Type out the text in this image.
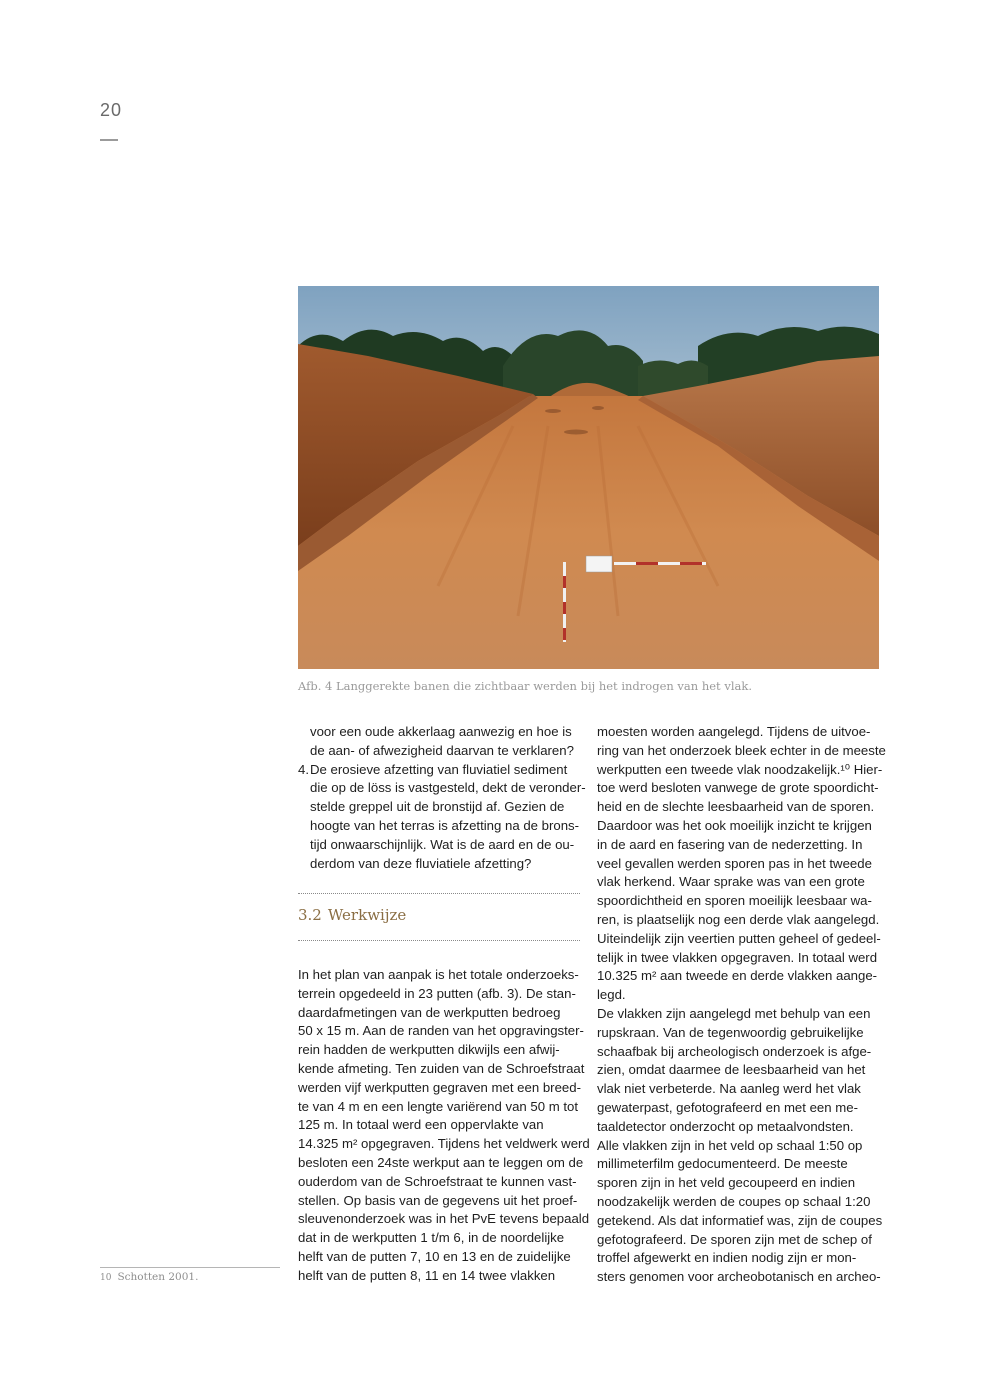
20
Afb. 4 Langgerekte banen die zichtbaar werden bij het indrogen van het vlak.

voor een oude akkerlaag aanwezig en hoe is

de aan- of afwezigheid daarvan te verklaren?

4. De erosieve afzetting van fluviatiel sediment

die op de löss is vastgesteld, dekt de veronder-

stelde greppel uit de bronstijd af. Gezien de

hoogte van het terras is afzetting na de brons-

tijd onwaarschijnlijk. Wat is de aard en de ou-

derdom van deze fluviatiele afzetting?

3.2 Werkwijze

In het plan van aanpak is het totale onderzoeks-

terrein opgedeeld in 23 putten (afb. 3). De stan-

daardafmetingen van de werkputten bedroeg

50 x 15 m. Aan de randen van het opgravingster-

rein hadden de werkputten dikwijls een afwij-

kende afmeting. Ten zuiden van de Schroefstraat

werden vijf werkputten gegraven met een breed-

te van 4 m en een lengte variërend van 50 m tot

125 m. In totaal werd een oppervlakte van

14.325 m² opgegraven. Tijdens het veldwerk werd

besloten een 24ste werkput aan te leggen om de

ouderdom van de Schroefstraat te kunnen vast-

stellen. Op basis van de gegevens uit het proef-

sleuvenonderzoek was in het PvE tevens bepaald

dat in de werkputten 1 t/m 6, in de noordelijke

helft van de putten 7, 10 en 13 en de zuidelijke

helft van de putten 8, 11 en 14 twee vlakken

moesten worden aangelegd. Tijdens de uitvoe-

ring van het onderzoek bleek echter in de meeste

werkputten een tweede vlak noodzakelijk.¹⁰ Hier-

toe werd besloten vanwege de grote spoordicht-

heid en de slechte leesbaarheid van de sporen.

Daardoor was het ook moeilijk inzicht te krijgen

in de aard en fasering van de nederzetting. In

veel gevallen werden sporen pas in het tweede

vlak herkend. Waar sprake was van een grote

spoordichtheid en sporen moeilijk leesbaar wa-

ren, is plaatselijk nog een derde vlak aangelegd.

Uiteindelijk zijn veertien putten geheel of gedeel-

telijk in twee vlakken opgegraven. In totaal werd

10.325 m² aan tweede en derde vlakken aange-

legd.

De vlakken zijn aangelegd met behulp van een

rupskraan. Van de tegenwoordig gebruikelijke

schaafbak bij archeologisch onderzoek is afge-

zien, omdat daarmee de leesbaarheid van het

vlak niet verbeterde. Na aanleg werd het vlak

gewaterpast, gefotografeerd en met een me-

taaldetector onderzocht op metaalvondsten.

Alle vlakken zijn in het veld op schaal 1:50 op

millimeterfilm gedocumenteerd. De meeste

sporen zijn in het veld gecoupeerd en indien

noodzakelijk werden de coupes op schaal 1:20

getekend. Als dat informatief was, zijn de coupes

gefotografeerd. De sporen zijn met de schep of

troffel afgewerkt en indien nodig zijn er mon-

sters genomen voor archeobotanisch en archeo-

10 Schotten 2001.
